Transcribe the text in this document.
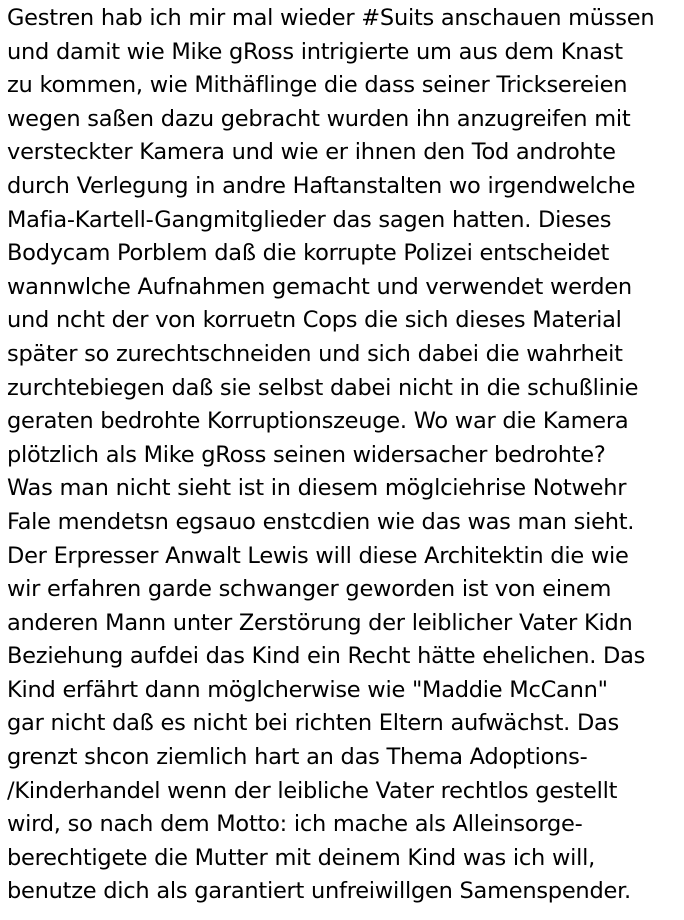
Gestren hab ich mir mal wieder #Suits anschauen müssen
und damit wie Mike gRoss intrigierte um aus dem Knast
zu kommen, wie Mithäflinge die dass seiner Tricksereien
wegen saßen dazu gebracht wurden ihn anzugreifen mit
versteckter Kamera und wie er ihnen den Tod androhte
durch Verlegung in andre Haftanstalten wo irgendwelche
Mafia-Kartell-Gangmitglieder das sagen hatten. Dieses
Bodycam Porblem daß die korrupte Polizei entscheidet
wannwlche Aufnahmen gemacht und verwendet werden
und ncht der von korruetn Cops die sich dieses Material
später so zurechtschneiden und sich dabei die wahrheit
zurchtebiegen daß sie selbst dabei nicht in die schußlinie
geraten bedrohte Korruptionszeuge. Wo war die Kamera
plötzlich als Mike gRoss seinen widersacher bedrohte?
Was man nicht sieht ist in diesem möglciehrise Notwehr
Fale mendetsn egsauo enstcdien wie das was man sieht.
Der Erpresser Anwalt Lewis will diese Architektin die wie
wir erfahren garde schwanger geworden ist von einem
anderen Mann unter Zerstörung der leiblicher Vater Kidn
Beziehung aufdei das Kind ein Recht hätte ehelichen. Das
Kind erfährt dann möglcherwise wie "Maddie McCann"
gar nicht daß es nicht bei richten Eltern aufwächst. Das
grenzt shcon ziemlich hart an das Thema Adoptions-
/Kinderhandel wenn der leibliche Vater rechtlos gestellt
wird, so nach dem Motto: ich mache als Alleinsorge-
berechtigete die Mutter mit deinem Kind was ich will,
benutze dich als garantiert unfreiwillgen Samenspender.
